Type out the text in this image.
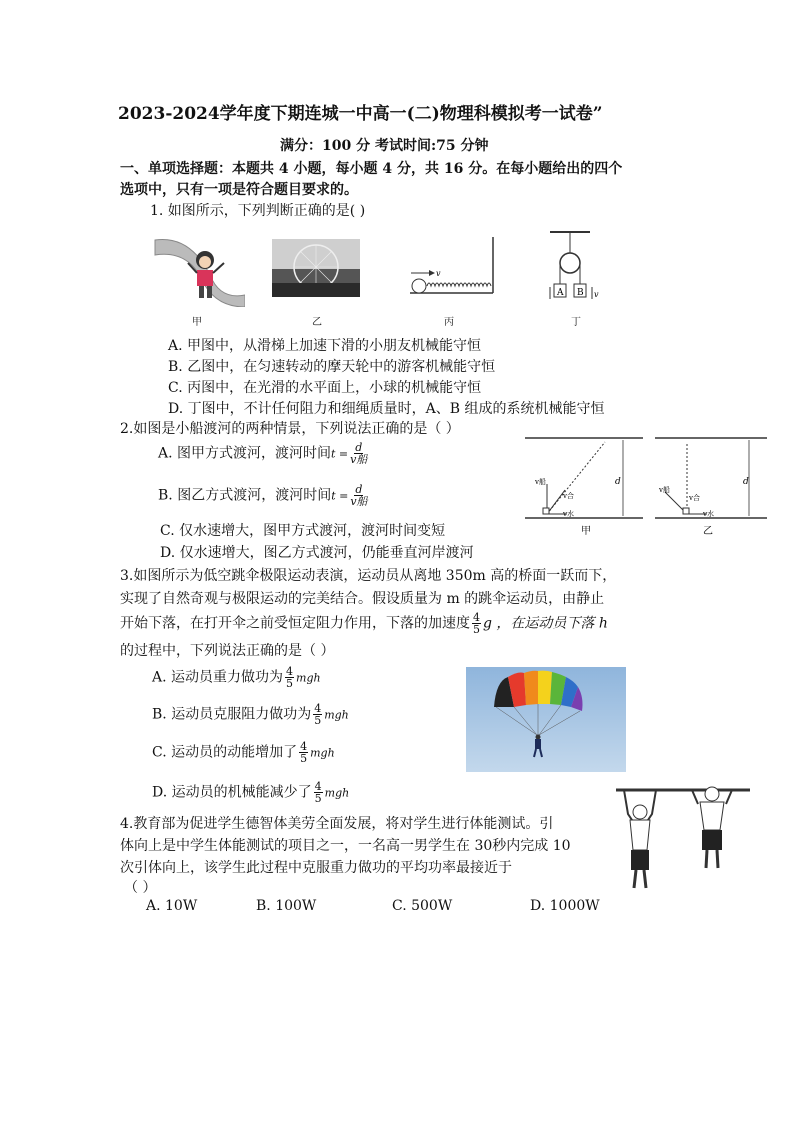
2023-2024学年度下期连城一中高一(二)物理科模拟考一试卷”
满分：100 分 考试时间:75 分钟
一、单项选择题：本题共 4 小题，每小题 4 分，共 16 分。在每小题给出的四个
选项中，只有一项是符合题目要求的。
1. 如图所示，下列判断正确的是( )
v
A B v
甲	乙	丙	丁
A. 甲图中，从滑梯上加速下滑的小朋友机械能守恒
B. 乙图中，在匀速转动的摩天轮中的游客机械能守恒
C. 丙图中，在光滑的水平面上，小球的机械能守恒
D. 丁图中，不计任何阻力和细绳质量时，A、B 组成的系统机械能守恒
2.如图是小船渡河的两种情景，下列说法正确的是（ ）
A. 图甲方式渡河，渡河时间$t = \frac{d}{\text{v船}}$
B. 图乙方式渡河，渡河时间$t = \frac{d}{\text{v船}}$
C. 仅水速增大，图甲方式渡河，渡河时间变短
D. 仅水速增大，图乙方式渡河，仍能垂直河岸渡河
d
v船
v合
v水
甲
d
v船
v合
v水
乙
3.如图所示为低空跳伞极限运动表演，运动员从离地 350m 高的桥面一跃而下，
实现了自然奇观与极限运动的完美结合。假设质量为 m 的跳伞运动员，由静止
开始下落，在打开伞之前受恒定阻力作用，下落的加速度 $\frac{4}{5}$ g ，在运动员下落 h
的过程中，下列说法正确的是（ ）
A. 运动员重力做功为 $\frac{4}{5}$ mgh
B. 运动员克服阻力做功为 $\frac{4}{5}$ mgh
C. 运动员的动能增加了 $\frac{4}{5}$ mgh
D. 运动员的机械能减少了 $\frac{4}{5}$ mgh
4.教育部为促进学生德智体美劳全面发展，将对学生进行体能测试。引
体向上是中学生体能测试的项目之一，一名高一男学生在 30秒内完成 10
次引体向上，该学生此过程中克服重力做功的平均功率最接近于
（ ）
A. 10W	B. 100W	C. 500W	D. 1000W
